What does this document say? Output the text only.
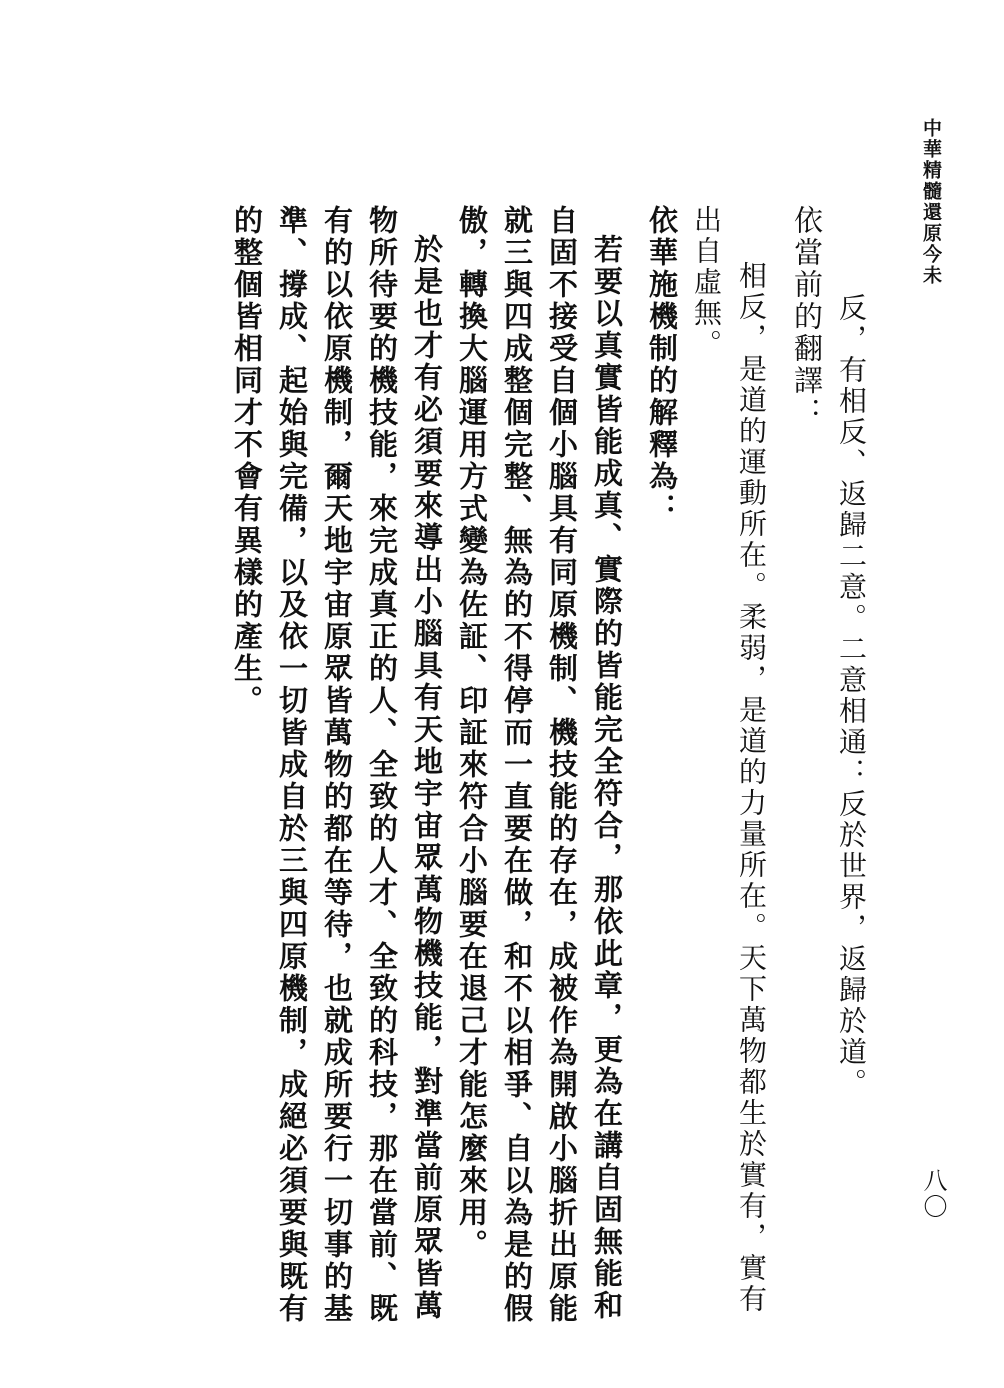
中華精髓還原今未
八〇

反，有相反、返歸二意。二意相通：反於世界，返歸於道。

依當前的翻譯：

相反，是道的運動所在。柔弱，是道的力量所在。天下萬物都生於實有，實有出自虛無。

依華施機制的解釋為：

若要以真實皆能成真、實際的皆能完全符合，那依此章，更為在講自固無能和自固不接受自個小腦具有同原機制、機技能的存在，成被作為開啟小腦折出原能就三與四成整個完整、無為的不得停而一直要在做，和不以相爭、自以為是的假傲，轉換大腦運用方式變為佐証、印証來符合小腦要在退己才能怎麼來用。

於是也才有必須要來導出小腦具有天地宇宙眾萬物機技能，對準當前原眾皆萬物所待要的機技能，來完成真正的人、全致的人才、全致的科技，那在當前、既有的以依原機制，爾天地宇宙原眾皆萬物的都在等待，也就成所要行一切事的基準、撐成、起始與完備，以及依一切皆成自於三與四原機制，成絕必須要與既有的整個皆相同才不會有異樣的產生。
